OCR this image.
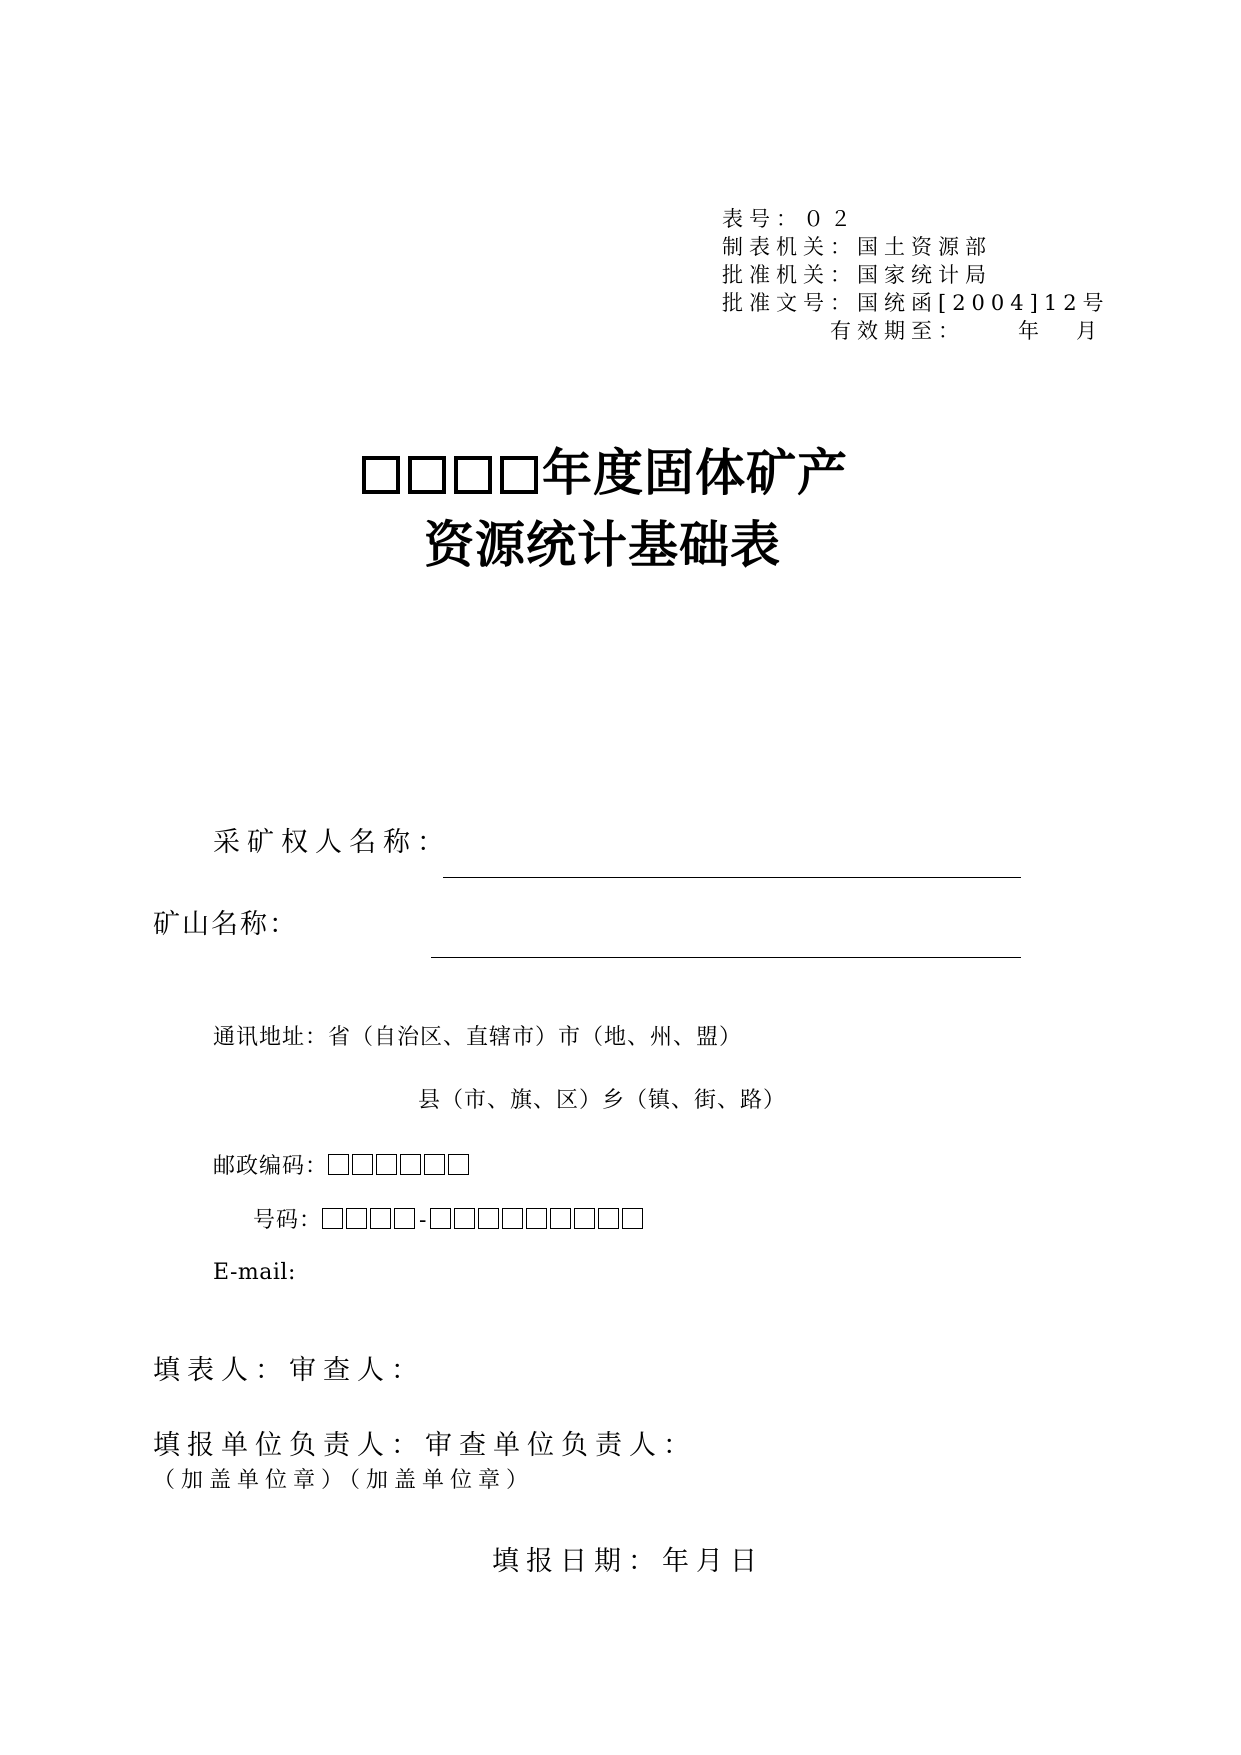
表号：０２
制表机关：国土资源部
批准机关：国家统计局
批准文号：国统函[2004]12号
有效期至：	年 月
年度固体矿产
资源统计基础表
采矿权人名称：
矿山名称：
通讯地址：省（自治区、直辖市）市（地、州、盟）
县（市、旗、区）乡（镇、街、路）
邮政编码：
号码：	-
E-mail:
填表人：审查人：
填报单位负责人：审查单位负责人：
（加盖单位章）（加盖单位章）
填报日期：年月日
